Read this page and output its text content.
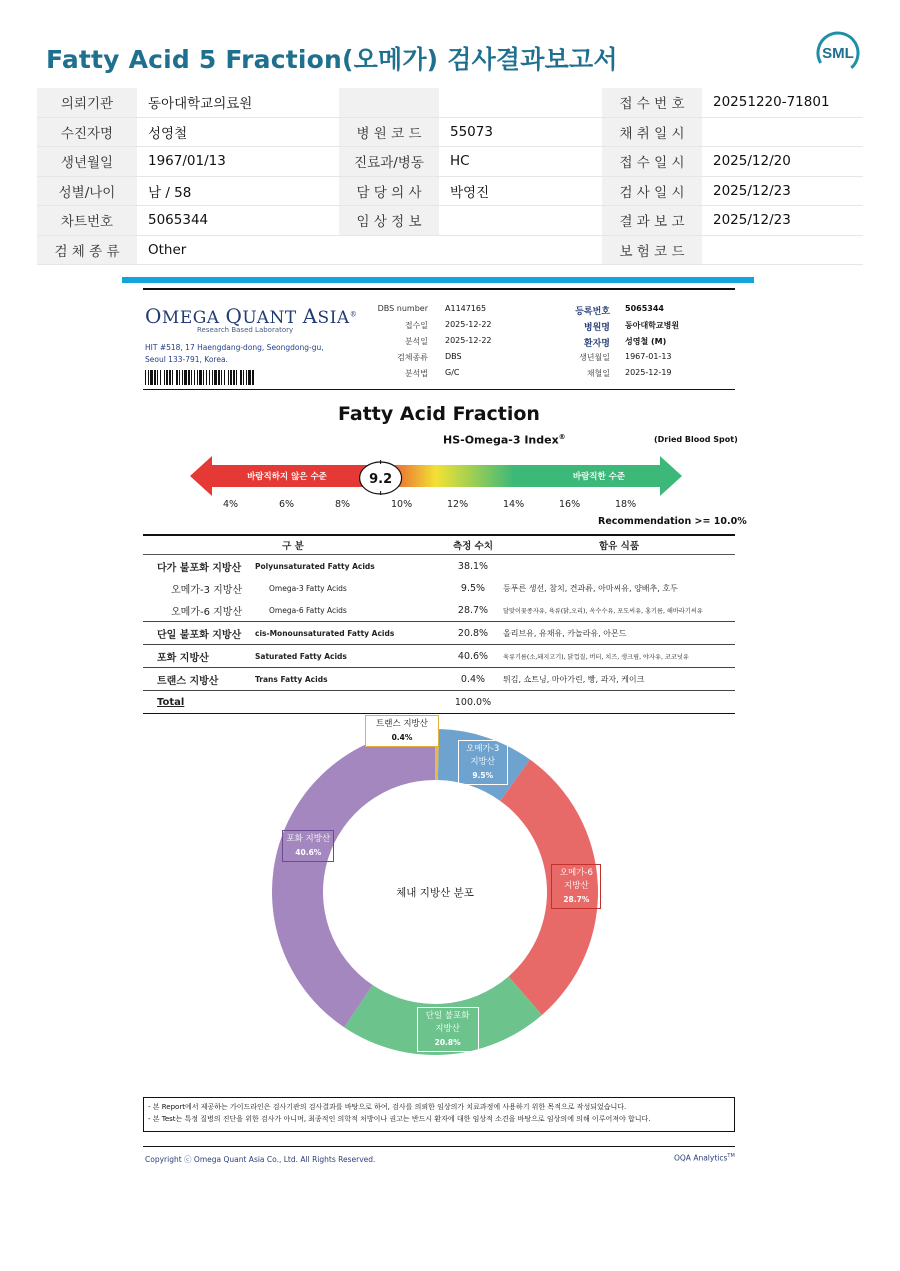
Fatty Acid 5 Fraction(오메가) 검사결과보고서	SML
의뢰기관	동아대학교의료원			접 수 번 호	20251220-71801
수진자명	성영철	병 원 코 드	55073	채 취 일 시	
생년월일	1967/01/13	진료과/병동	HC	접 수 일 시	2025/12/20
성별/나이	남 / 58	담 당 의 사	박영진	검 사 일 시	2025/12/23
차트번호	5065344	임 상 정 보		결 과 보 고	2025/12/23
검 체 종 류	Other			보 험 코 드	
OMEGA QUANT ASIA®
Research Based Laboratory
HIT #518, 17 Haengdang-dong, Seongdong-gu,
Seoul 133-791, Korea.
DBS number A1147165
접수일 2025-12-22
분석일 2025-12-22
검체종류 DBS
분석법 G/C
등록번호 5065344
병원명 동아대학교병원
환자명 성영철 (M)
생년월일 1967-01-13
채혈일 2025-12-19
Fatty Acid Fraction
HS-Omega-3 Index®	(Dried Blood Spot)
바람직하지 않은 수준	바람직한 수준
9.2
4%	6%	8%	10%	12%	14%	16%	18%
Recommendation >= 10.0%
구 분		측정 수치	함유 식품
다가 불포화 지방산	Polyunsaturated Fatty Acids	38.1%	
오메가-3 지방산	Omega-3 Fatty Acids	9.5%	등푸른 생선, 참치, 견과류, 아마씨유, 양배추, 호두
오메가-6 지방산	Omega-6 Fatty Acids	28.7%	달맞이꽃종자유, 육류(닭,오리), 옥수수유, 포도씨유, 홍기름, 해바라기씨유
단일 불포화 지방산	cis-Monounsaturated Fatty Acids	20.8%	올리브유, 유채유, 카놀라유, 아몬드
포화 지방산	Saturated Fatty Acids	40.6%	육류기름(소,돼지고기), 닭껍질, 버터, 치즈, 생크림, 야자유, 코코넛유
트랜스 지방산	Trans Fatty Acids	0.4%	튀김, 쇼트닝, 마아가린, 빵, 과자, 케이크
Total		100.0%	
체내 지방산 분포
트랜스 지방산
0.4%
오메가-3
지방산
9.5%
오메가-6
지방산
28.7%
단일 불포화
지방산
20.8%
포화 지방산
40.6%
- 본 Report에서 제공하는 가이드라인은 검사기관의 검사결과를 바탕으로 하여, 검사를 의뢰한 임상의가 치료과정에 사용하기 위한 목적으로 작성되었습니다.
- 본 Test는 특정 질병의 진단을 위한 검사가 아니며, 최종적인 의학적 처방이나 권고는 반드시 환자에 대한 임상적 소견을 바탕으로 임상의에 의해 이루어져야 합니다.
Copyright ⓒ Omega Quant Asia Co., Ltd. All Rights Reserved.	OQA Analytics™
